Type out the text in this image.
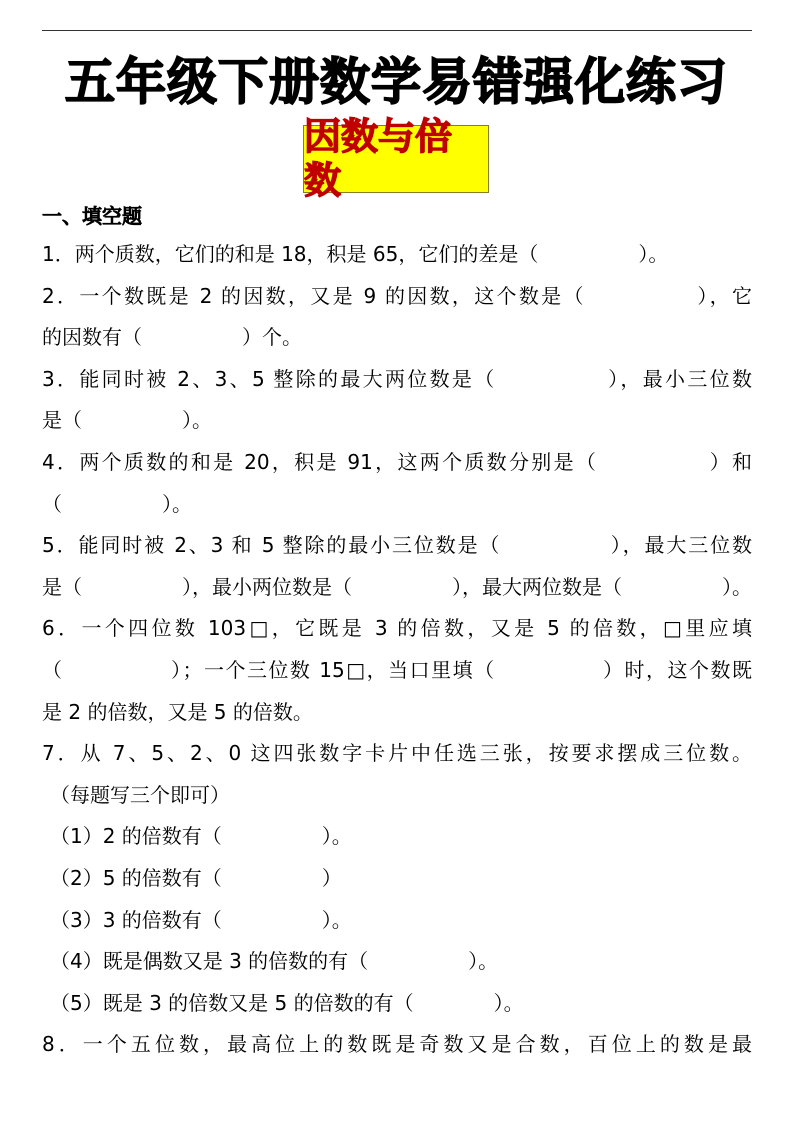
五年级下册数学易错强化练习
因数与倍数
一、填空题
1．两个质数，它们的和是 18，积是 65，它们的差是（　　　　　）。
2．一个数既是 2 的因数，又是 9 的因数，这个数是（　　　　　），它
的因数有（　　　　　）个。
3．能同时被 2、3、5 整除的最大两位数是（　　　　　），最小三位数
是（　　　　　）。
4．两个质数的和是 20，积是 91，这两个质数分别是（　　　　　）和
（　　　　　）。
5．能同时被 2、3 和 5 整除的最小三位数是（　　　　　），最大三位数
是（　　　　　），最小两位数是（　　　　　），最大两位数是（　　　　　）。
6．一个四位数 103□，它既是 3 的倍数，又是 5 的倍数，□里应填
（　　　　　）；一个三位数 15□，当口里填（　　　　　）时，这个数既
是 2 的倍数，又是 5 的倍数。
7．从 7、5、2、0 这四张数字卡片中任选三张，按要求摆成三位数。
（每题写三个即可）
（1）2 的倍数有（　　　　　）。
（2）5 的倍数有（　　　　　）
（3）3 的倍数有（　　　　　）。
（4）既是偶数又是 3 的倍数的有（　　　　　）。
（5）既是 3 的倍数又是 5 的倍数的有（　　　　）。
8．一个五位数，最高位上的数既是奇数又是合数，百位上的数是最
